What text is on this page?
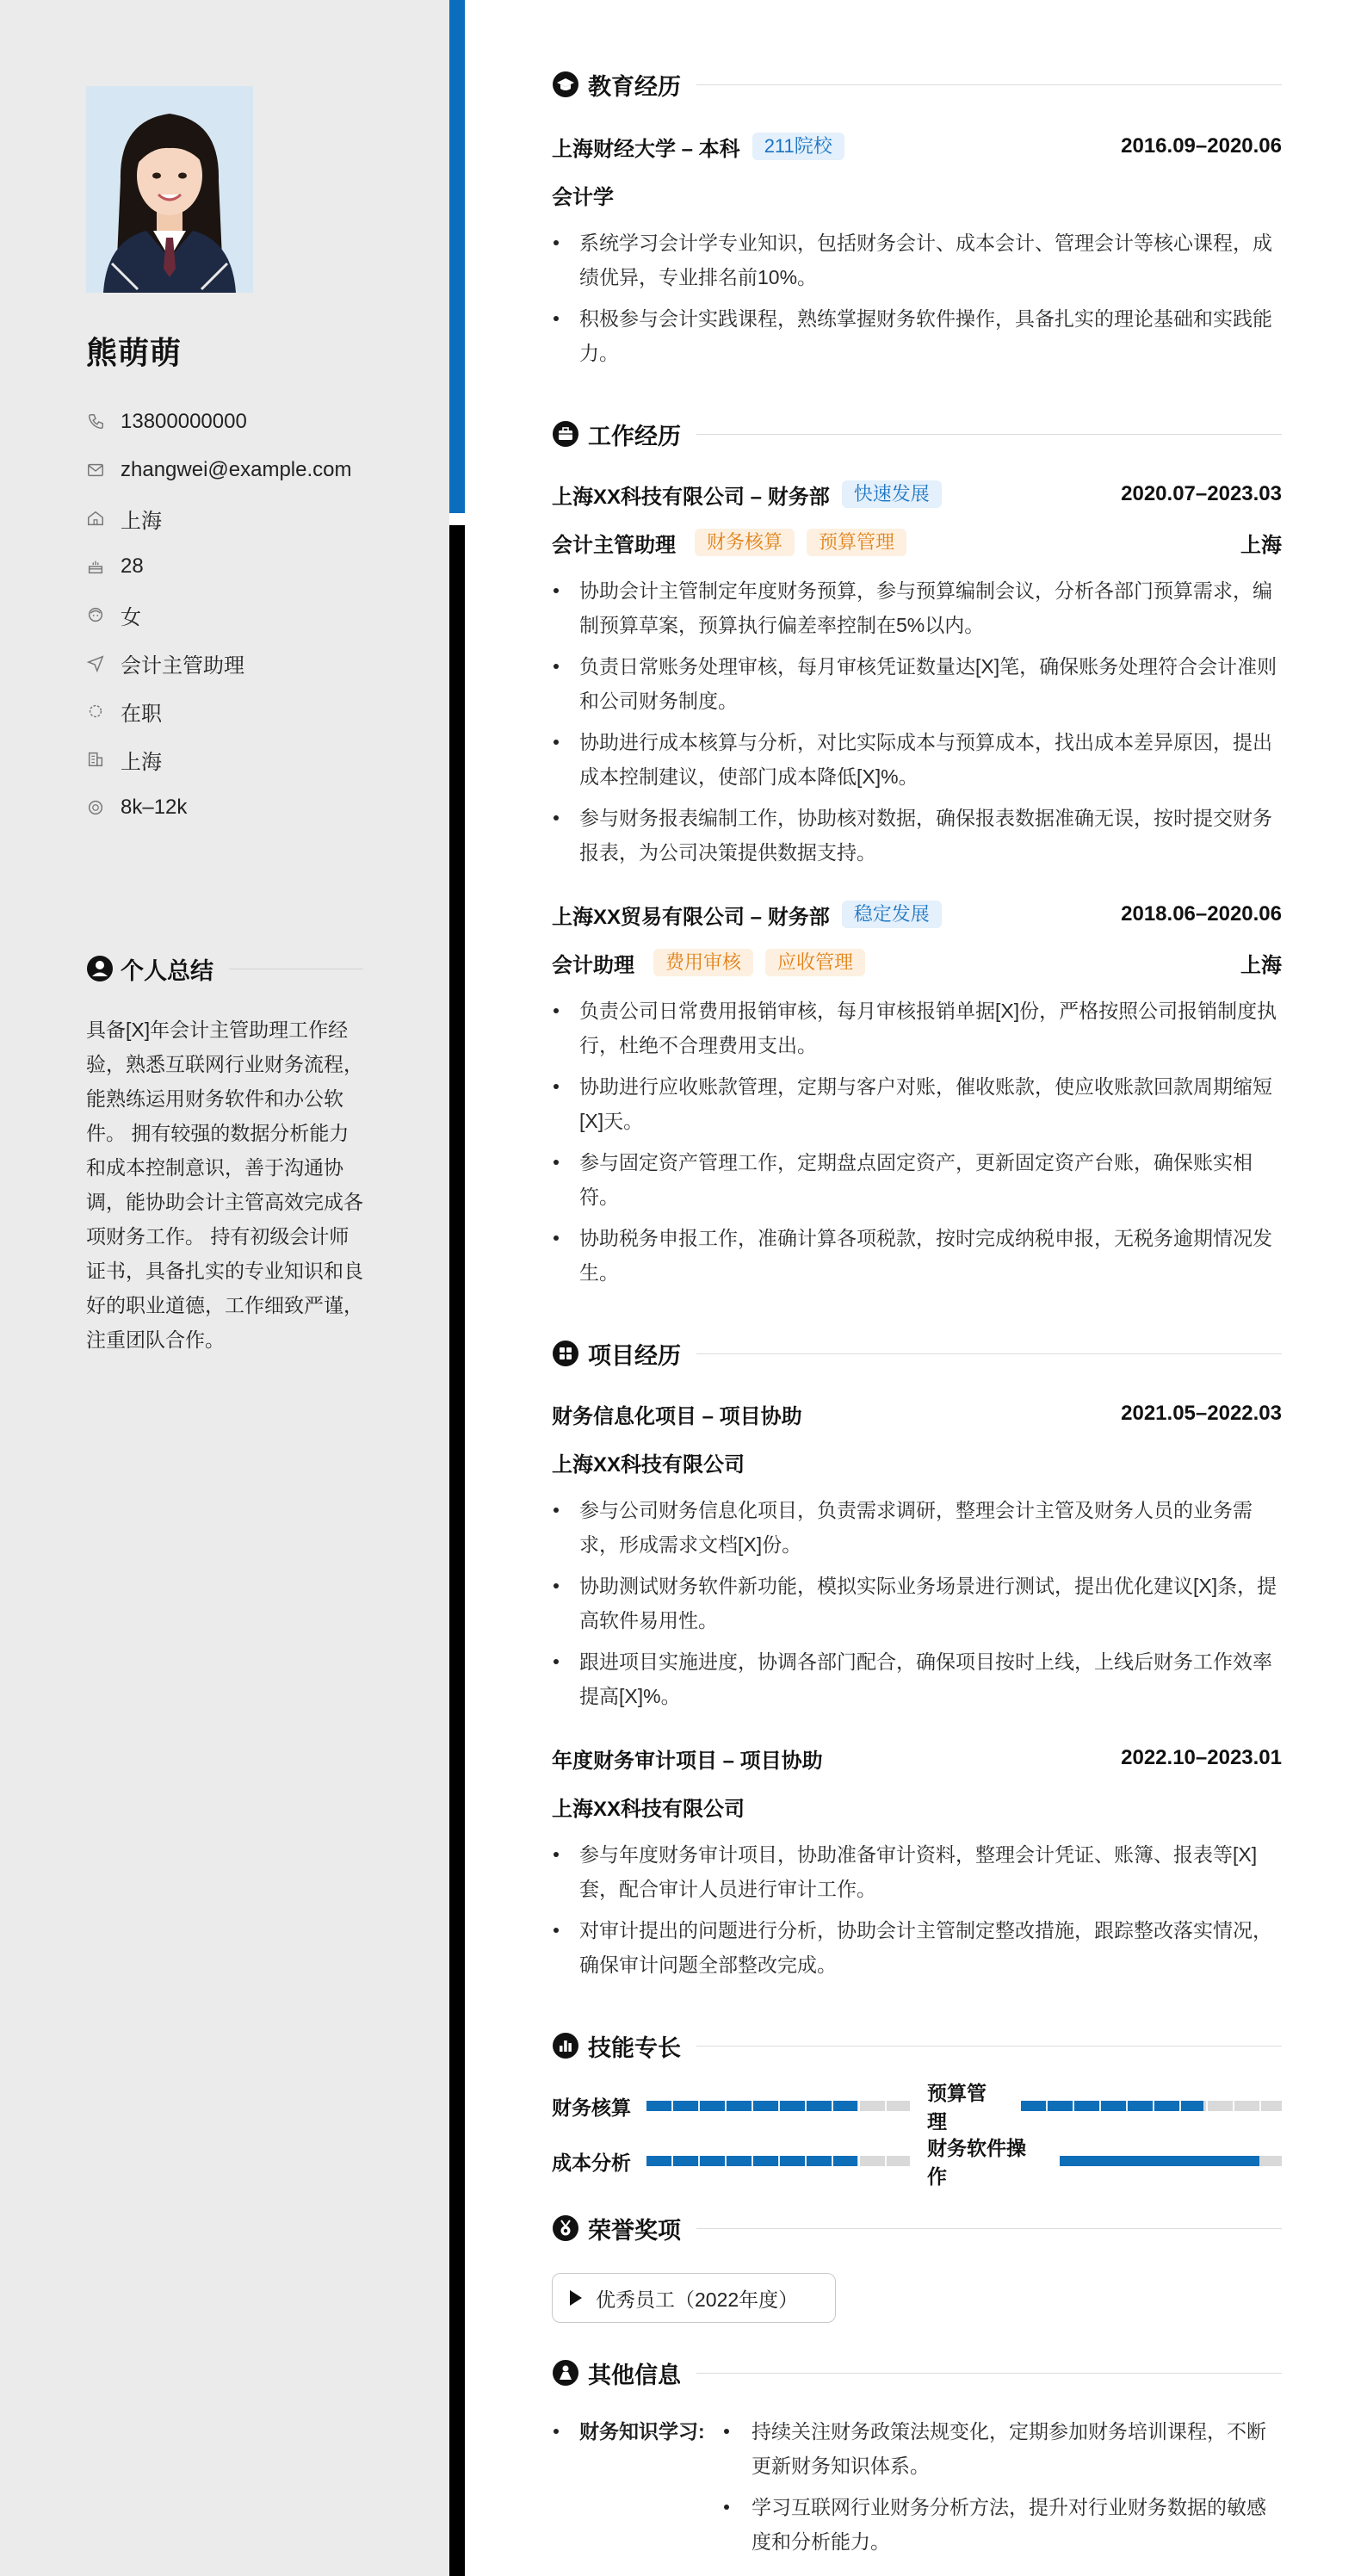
熊萌萌
13800000000
zhangwei@example.com
上海
28
女
会计主管助理
在职
上海
8k–12k
个人总结

具备[X]年会计主管助理工作经验，熟悉互联网行业财务流程，能熟练运用财务软件和办公软件。 拥有较强的数据分析能力和成本控制意识，善于沟通协调，能协助会计主管高效完成各项财务工作。 持有初级会计师证书，具备扎实的专业知识和良好的职业道德，工作细致严谨，注重团队合作。

教育经历
上海财经大学 – 本科	211院校	2016.09–2020.06
会计学
系统学习会计学专业知识，包括财务会计、成本会计、管理会计等核心课程，成绩优异，专业排名前10%。
积极参与会计实践课程，熟练掌握财务软件操作，具备扎实的理论基础和实践能力。
工作经历
上海XX科技有限公司 – 财务部	快速发展	2020.07–2023.03
会计主管助理	财务核算	预算管理	上海
协助会计主管制定年度财务预算，参与预算编制会议，分析各部门预算需求，编制预算草案，预算执行偏差率控制在5%以内。
负责日常账务处理审核，每月审核凭证数量达[X]笔，确保账务处理符合会计准则和公司财务制度。
协助进行成本核算与分析，对比实际成本与预算成本，找出成本差异原因，提出成本控制建议，使部门成本降低[X]%。
参与财务报表编制工作，协助核对数据，确保报表数据准确无误，按时提交财务报表，为公司决策提供数据支持。
上海XX贸易有限公司 – 财务部	稳定发展	2018.06–2020.06
会计助理	费用审核	应收管理	上海
负责公司日常费用报销审核，每月审核报销单据[X]份，严格按照公司报销制度执行，杜绝不合理费用支出。
协助进行应收账款管理，定期与客户对账，催收账款，使应收账款回款周期缩短[X]天。
参与固定资产管理工作，定期盘点固定资产，更新固定资产台账，确保账实相符。
协助税务申报工作，准确计算各项税款，按时完成纳税申报，无税务逾期情况发生。
项目经历
财务信息化项目 – 项目协助	2021.05–2022.03
上海XX科技有限公司
参与公司财务信息化项目，负责需求调研，整理会计主管及财务人员的业务需求，形成需求文档[X]份。
协助测试财务软件新功能，模拟实际业务场景进行测试，提出优化建议[X]条，提高软件易用性。
跟进项目实施进度，协调各部门配合，确保项目按时上线，上线后财务工作效率提高[X]%。
年度财务审计项目 – 项目协助	2022.10–2023.01
上海XX科技有限公司
参与年度财务审计项目，协助准备审计资料，整理会计凭证、账簿、报表等[X]套，配合审计人员进行审计工作。
对审计提出的问题进行分析，协助会计主管制定整改措施，跟踪整改落实情况，确保审计问题全部整改完成。
技能专长
财务核算
预算管理
成本分析
财务软件操作
荣誉奖项
优秀员工（2022年度）
其他信息
财务知识学习:	持续关注财务政策法规变化，定期参加财务培训课程，不断更新财务知识体系。
学习互联网行业财务分析方法，提升对行业财务数据的敏感度和分析能力。
